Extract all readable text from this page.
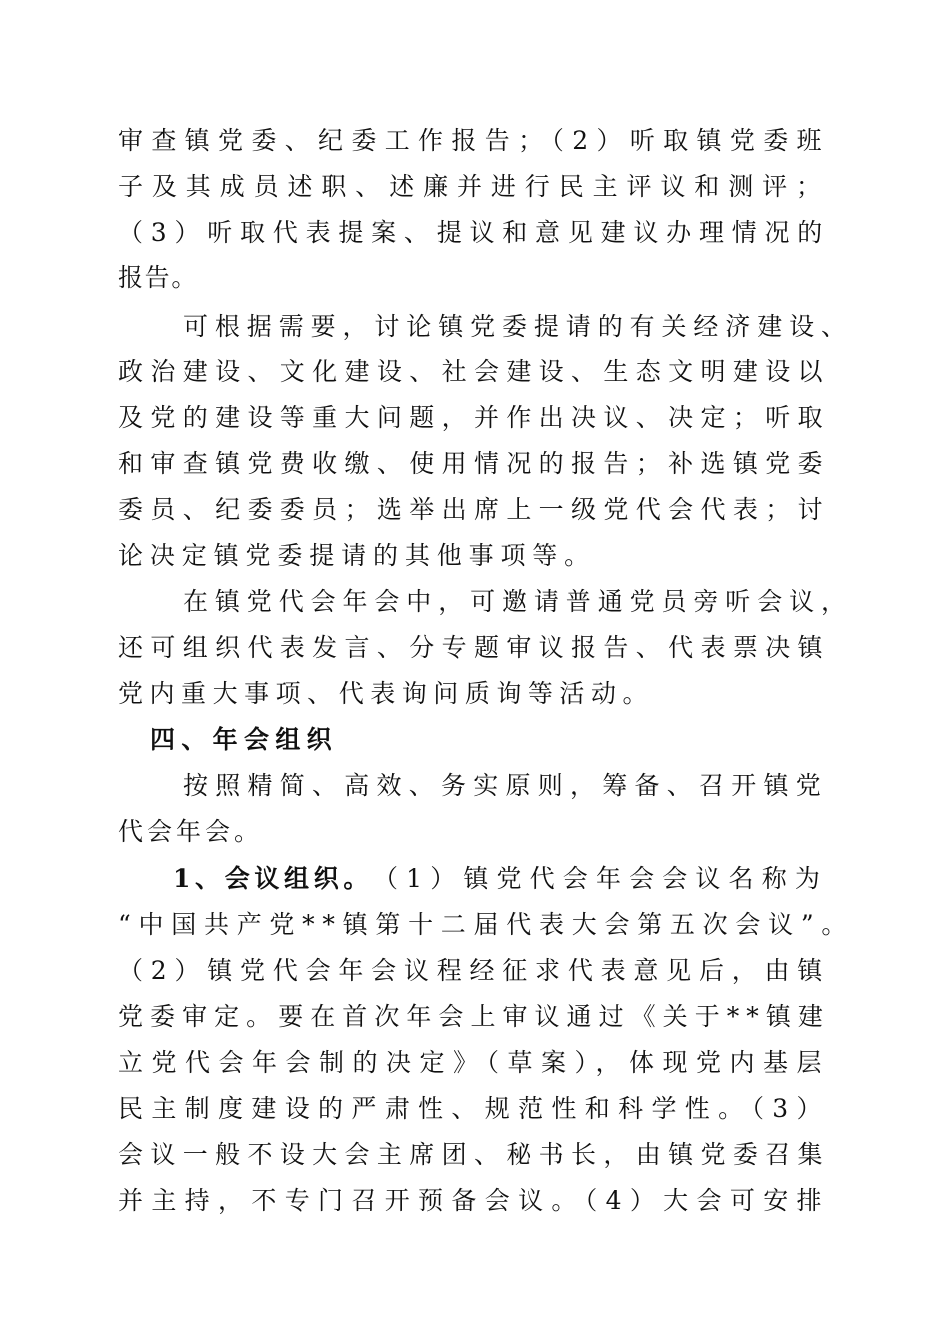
审查镇党委、纪委工作报告；（2）听取镇党委班
子及其成员述职、述廉并进行民主评议和测评；
（3）听取代表提案、提议和意见建议办理情况的
报告。
可根据需要，讨论镇党委提请的有关经济建设、
政治建设、文化建设、社会建设、生态文明建设以
及党的建设等重大问题，并作出决议、决定；听取
和审查镇党费收缴、使用情况的报告；补选镇党委
委员、纪委委员；选举出席上一级党代会代表；讨
论决定镇党委提请的其他事项等。
在镇党代会年会中，可邀请普通党员旁听会议，
还可组织代表发言、分专题审议报告、代表票决镇
党内重大事项、代表询问质询等活动。
四、年会组织
按照精简、高效、务实原则，筹备、召开镇党
代会年会。
1、会议组织。 （1）镇党代会年会会议名称为
“中国共产党**镇第十二届代表大会第五次会议”。
（2）镇党代会年会议程经征求代表意见后，由镇
党委审定。要在首次年会上审议通过《关于**镇建
立党代会年会制的决定》（草案），体现党内基层
民主制度建设的严肃性、规范性和科学性。（3）
会议一般不设大会主席团、秘书长，由镇党委召集
并主持，不专门召开预备会议。（4）大会可安排
